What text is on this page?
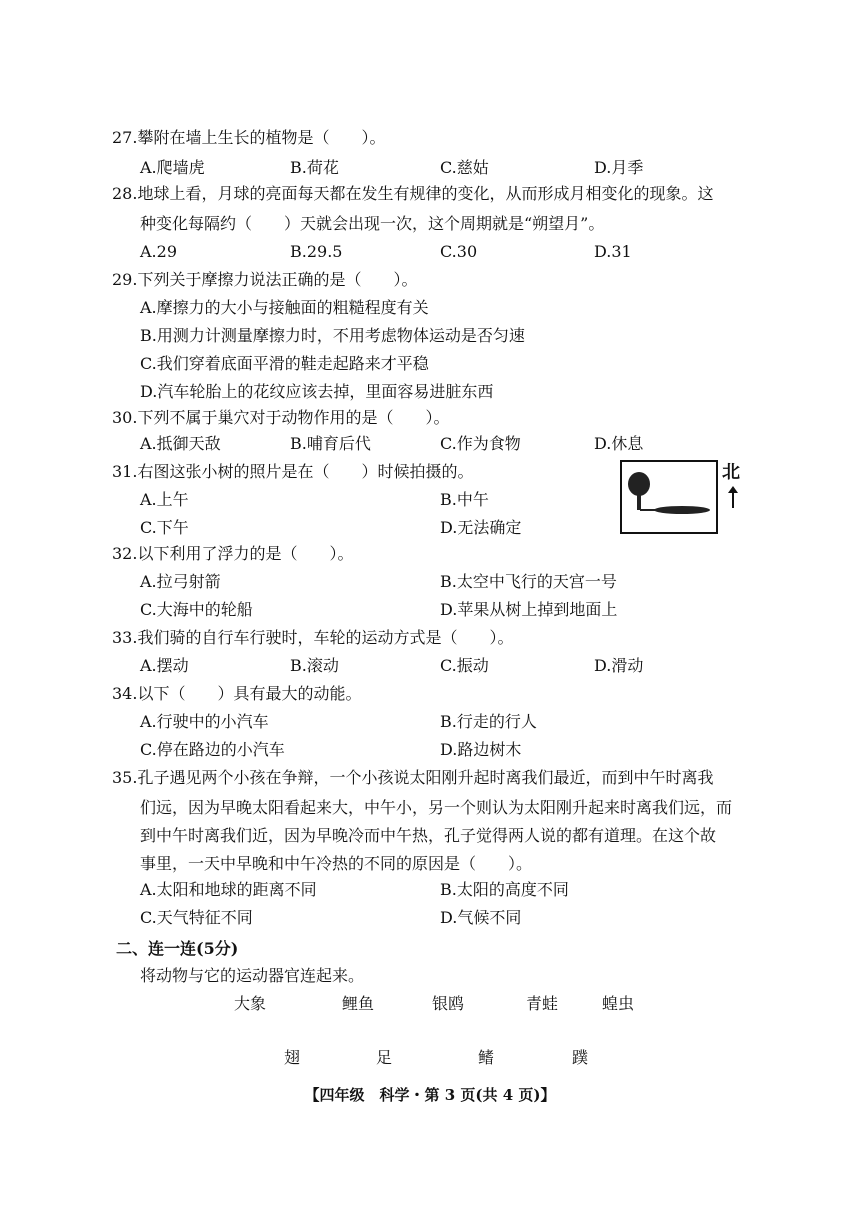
27.攀附在墙上生长的植物是（　　）。
A.爬墙虎	B.荷花	C.慈姑	D.月季
28.地球上看，月球的亮面每天都在发生有规律的变化，从而形成月相变化的现象。这
种变化每隔约（　　）天就会出现一次，这个周期就是“朔望月”。
A.29	B.29.5	C.30	D.31
29.下列关于摩擦力说法正确的是（　　）。
A.摩擦力的大小与接触面的粗糙程度有关
B.用测力计测量摩擦力时，不用考虑物体运动是否匀速
C.我们穿着底面平滑的鞋走起路来才平稳
D.汽车轮胎上的花纹应该去掉，里面容易进脏东西
30.下列不属于巢穴对于动物作用的是（　　）。
A.抵御天敌	B.哺育后代	C.作为食物	D.休息
31.右图这张小树的照片是在（　　）时候拍摄的。
A.上午	B.中午
C.下午	D.无法确定
北
32.以下利用了浮力的是（　　）。
A.拉弓射箭	B.太空中飞行的天宫一号
C.大海中的轮船	D.苹果从树上掉到地面上
33.我们骑的自行车行驶时，车轮的运动方式是（　　）。
A.摆动	B.滚动	C.振动	D.滑动
34.以下（　　）具有最大的动能。
A.行驶中的小汽车	B.行走的行人
C.停在路边的小汽车	D.路边树木
35.孔子遇见两个小孩在争辩，一个小孩说太阳刚升起时离我们最近，而到中午时离我
们远，因为早晚太阳看起来大，中午小，另一个则认为太阳刚升起来时离我们远，而
到中午时离我们近，因为早晚冷而中午热，孔子觉得两人说的都有道理。在这个故
事里，一天中早晚和中午冷热的不同的原因是（　　）。
A.太阳和地球的距离不同	B.太阳的高度不同
C.天气特征不同	D.气候不同
二、连一连(5分)
将动物与它的运动器官连起来。
大象	鲤鱼	银鸥	青蛙	蝗虫
翅	足	鳍	蹼
【四年级　科学・第 3 页(共 4 页)】
